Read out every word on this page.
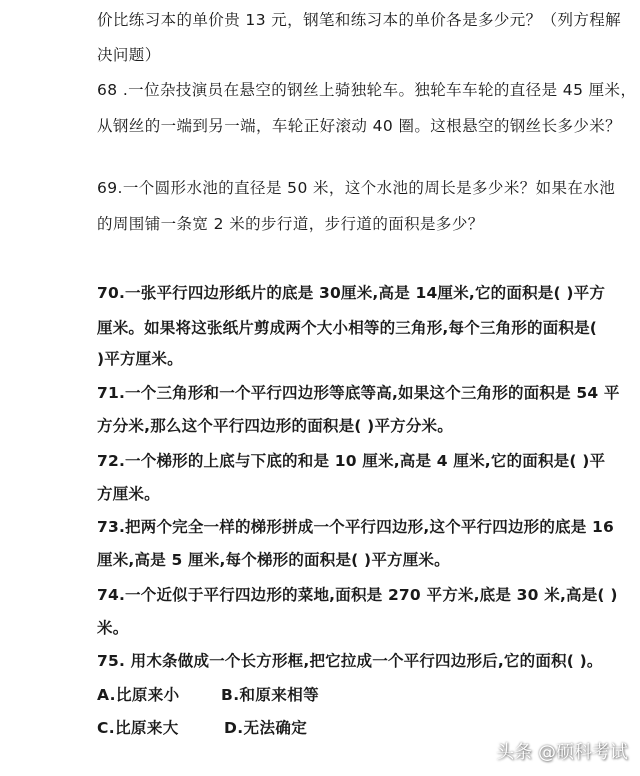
价比练习本的单价贵 13 元，钢笔和练习本的单价各是多少元？（列方程解
决问题）
68 .一位杂技演员在悬空的钢丝上骑独轮车。独轮车车轮的直径是 45 厘米，
从钢丝的一端到另一端，车轮正好滚动 40 圈。这根悬空的钢丝长多少米？
69.一个圆形水池的直径是 50 米，这个水池的周长是多少米？如果在水池
的周围铺一条宽 2 米的步行道，步行道的面积是多少？
70.一张平行四边形纸片的底是 30厘米,高是 14厘米,它的面积是( )平方
厘米。如果将这张纸片剪成两个大小相等的三角形,每个三角形的面积是(
)平方厘米。
71.一个三角形和一个平行四边形等底等高,如果这个三角形的面积是 54 平
方分米,那么这个平行四边形的面积是( )平方分米。
72.一个梯形的上底与下底的和是 10 厘米,高是 4 厘米,它的面积是( )平
方厘米。
73.把两个完全一样的梯形拼成一个平行四边形,这个平行四边形的底是 16
厘米,高是 5 厘米,每个梯形的面积是( )平方厘米。
74.一个近似于平行四边形的菜地,面积是 270 平方米,底是 30 米,高是( )
米。
75. 用木条做成一个长方形框,把它拉成一个平行四边形后,它的面积( )。
A.比原来小	B.和原来相等
C.比原来大	D.无法确定
头条 @硕科考试
